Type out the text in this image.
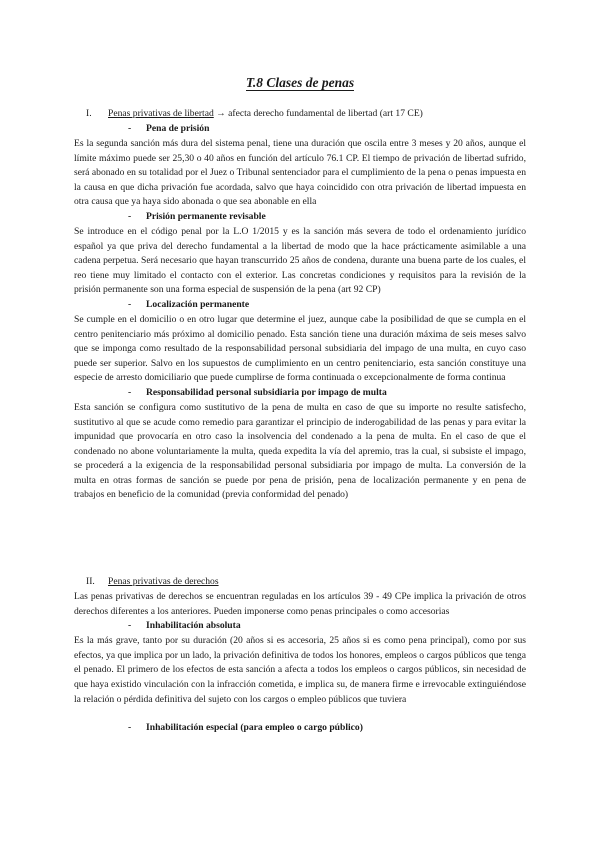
T.8 Clases de penas
I. Penas privativas de libertad → afecta derecho fundamental de libertad (art 17 CE)
- Pena de prisión

Es la segunda sanción más dura del sistema penal, tiene una duración que oscila entre 3 meses y 20 años, aunque el límite máximo puede ser 25,30 o 40 años en función del artículo 76.1 CP. El tiempo de privación de libertad sufrido, será abonado en su totalidad por el Juez o Tribunal sentenciador para el cumplimiento de la pena o penas impuesta en la causa en que dicha privación fue acordada, salvo que haya coincidido con otra privación de libertad impuesta en otra causa que ya haya sido abonada o que sea abonable en ella

- Prisión permanente revisable

Se introduce en el código penal por la L.O 1/2015 y es la sanción más severa de todo el ordenamiento jurídico español ya que priva del derecho fundamental a la libertad de modo que la hace prácticamente asimilable a una cadena perpetua. Será necesario que hayan transcurrido 25 años de condena, durante una buena parte de los cuales, el reo tiene muy limitado el contacto con el exterior. Las concretas condiciones y requisitos para la revisión de la prisión permanente son una forma especial de suspensión de la pena (art 92 CP)

- Localización permanente

Se cumple en el domicilio o en otro lugar que determine el juez, aunque cabe la posibilidad de que se cumpla en el centro penitenciario más próximo al domicilio penado. Esta sanción tiene una duración máxima de seis meses salvo que se imponga como resultado de la responsabilidad personal subsidiaria del impago de una multa, en cuyo caso puede ser superior. Salvo en los supuestos de cumplimiento en un centro penitenciario, esta sanción constituye una especie de arresto domiciliario que puede cumplirse de forma continuada o excepcionalmente de forma continua

- Responsabilidad personal subsidiaria por impago de multa

Esta sanción se configura como sustitutivo de la pena de multa en caso de que su importe no resulte satisfecho, sustitutivo al que se acude como remedio para garantizar el principio de inderogabilidad de las penas y para evitar la impunidad que provocaría en otro caso la insolvencia del condenado a la pena de multa. En el caso de que el condenado no abone voluntariamente la multa, queda expedita la vía del apremio, tras la cual, si subsiste el impago, se procederá a la exigencia de la responsabilidad personal subsidiaria por impago de multa. La conversión de la multa en otras formas de sanción se puede por pena de prisión, pena de localización permanente y en pena de trabajos en beneficio de la comunidad (previa conformidad del penado)

II. Penas privativas de derechos

Las penas privativas de derechos se encuentran reguladas en los artículos 39 - 49 CPe implica la privación de otros derechos diferentes a los anteriores. Pueden imponerse como penas principales o como accesorias

- Inhabilitación absoluta

Es la más grave, tanto por su duración (20 años si es accesoria, 25 años si es como pena principal), como por sus efectos, ya que implica por un lado, la privación definitiva de todos los honores, empleos o cargos públicos que tenga el penado. El primero de los efectos de esta sanción a afecta a todos los empleos o cargos públicos, sin necesidad de que haya existido vinculación con la infracción cometida, e implica su, de manera firme e irrevocable extinguiéndose la relación o pérdida definitiva del sujeto con los cargos o empleo públicos que tuviera

- Inhabilitación especial (para empleo o cargo público)
